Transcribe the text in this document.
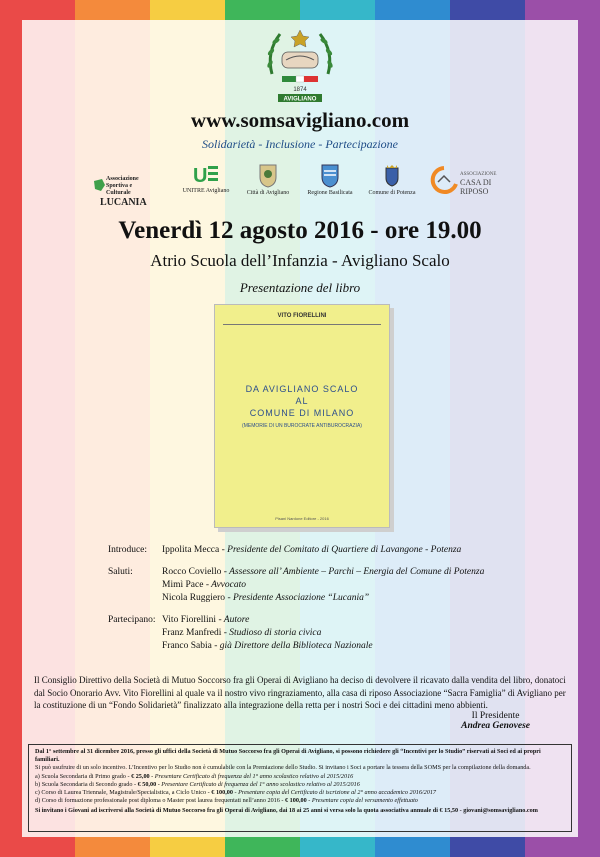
1874
AVIGLIANO
www.somsavigliano.com
Solidarietà - Inclusione - Partecipazione
Associazione
Sportiva e Culturale
LUCANIA
U
UNITRE Avigliano	Città di Avigliano	Regione Basilicata	Comune di Potenza
ASSOCIAZIONE
CASA DI RIPOSO
Venerdì 12 agosto 2016 - ore 19.00
Atrio Scuola dell’Infanzia - Avigliano Scalo
Presentazione del libro
VITO FIORELLINI
DA AVIGLIANO SCALO
AL
COMUNE DI MILANO
(MEMORIE DI UN BUROCRATE ANTIBUROCRAZIA)
Pisani Nardone Editore - 2016
Introduce: Ippolita Mecca - Presidente del Comitato di Quartiere di Lavangone - Potenza
Saluti:	Rocco Coviello - Assessore all’ Ambiente – Parchi – Energia del Comune di Potenza
Mimì Pace - Avvocato
Nicola Ruggiero - Presidente Associazione “Lucania”
Partecipano: Vito Fiorellini - Autore
Franz Manfredi - Studioso di storia civica
Franco Sabia - già Direttore della Biblioteca Nazionale
Il Consiglio Direttivo della Società di Mutuo Soccorso fra gli Operai di Avigliano ha deciso di devolvere il ricavato dalla vendita del libro, donatoci dal Socio Onorario Avv. Vito Fiorellini al quale va il nostro vivo ringraziamento, alla casa di riposo Associazione “Sacra Famiglia” di Avigliano per la costituzione di un “Fondo Solidarietà” finalizzato alla integrazione della retta per i nostri Soci e dei cittadini meno abbienti.
Il Presidente
Andrea Genovese
Dal 1° settembre al 31 dicembre 2016, presso gli uffici della Società di Mutuo Soccorso fra gli Operai di Avigliano, si possono richiedere gli “Incentivi per lo Studio” riservati ai Soci ed ai propri familiari.
Si può usufruire di un solo incentivo. L’Incentivo per lo Studio non è cumulabile con la Premiazione dello Studio. Si invitano i Soci a portare la tessera della SOMS per la compilazione della domanda.
a) Scuola Secondaria di Primo grado - € 25,00 - Presentare Certificato di frequenza del 1° anno scolastico relativo al 2015/2016
b) Scuola Secondaria di Secondo grado - € 50,00 - Presentare Certificato di frequenza del 1° anno scolastico relativo al 2015/2016
c) Corso di Laurea Triennale, Magistrale/Specialistica, a Ciclo Unico - € 100,00 - Presentare copia del Certificato di iscrizione al 2° anno accademico 2016/2017
d) Corso di formazione professionale post diploma o Master post laurea frequentati nell’anno 2016 - € 100,00 - Presentare copia del versamento effettuato
Si invitano i Giovani ad iscriversi alla Società di Mutuo Soccorso fra gli Operai di Avigliano, dai 18 ai 25 anni si versa solo la quota associativa annuale di € 15,50 - giovani@somsavigliano.com
